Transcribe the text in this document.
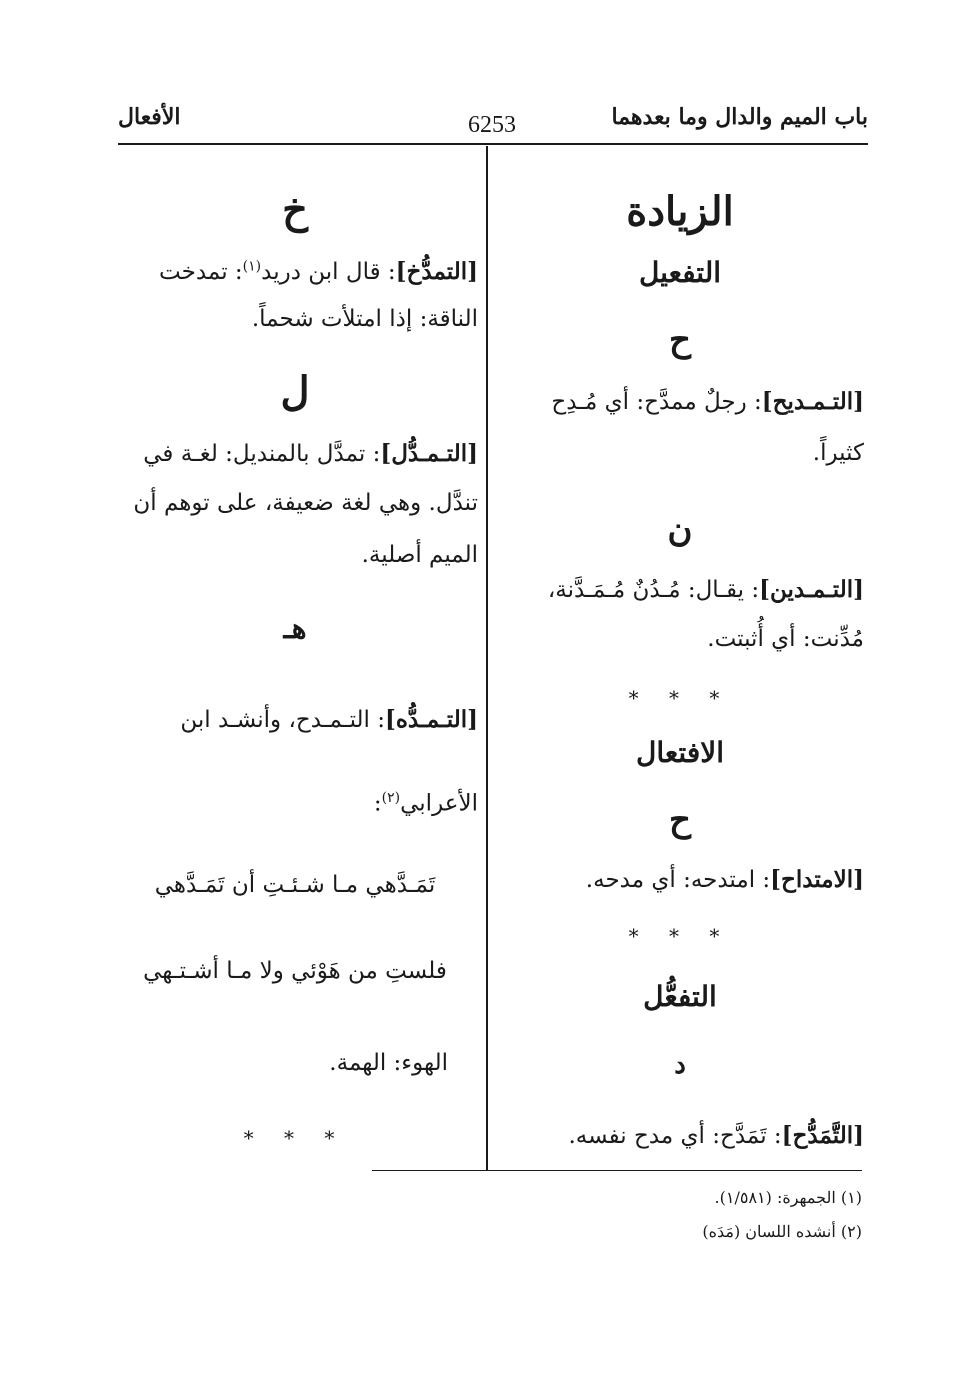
باب الميم والدال وما بعدهما
6253
الأفعال
الزيادة
التفعيل
ح
[التـمـديح]: رجلٌ ممدَّح: أي مُـدِح
كثيراً.
ن
[التـمـدين]: يقـال: مُـدُنٌ مُـمَـدَّنة،
مُدِّنت: أي أُثبتت.
* * *
الافتعال
ح
[الامتداح]: امتدحه: أي مدحه.
* * *
التفعُّل
د
[التَّمَدُّح]: تَمَدَّح: أي مدح نفسه.
خ
[التمدُّخ]: قال ابن دريد$^{(١)}$: تمدخت
الناقة: إذا امتلأت شحماً.
ل
[التـمـدُّل]: تمدَّل بالمنديل: لغـة في
تندَّل. وهي لغة ضعيفة، على توهم أن
الميم أصلية.
هـ
[التـمـدُّه]: التـمـدح، وأنشـد ابن
الأعرابي$^{(٢)}$:
تَمَـدَّهي مـا شـئـتِ أن تَمَـدَّهي
فلستِ من هَوْئي ولا مـا أشـتـهي
الهوء: الهمة.
* * *
(١) الجمهرة: (١/٥٨١).
(٢) أنشده اللسان (مَدَه)
